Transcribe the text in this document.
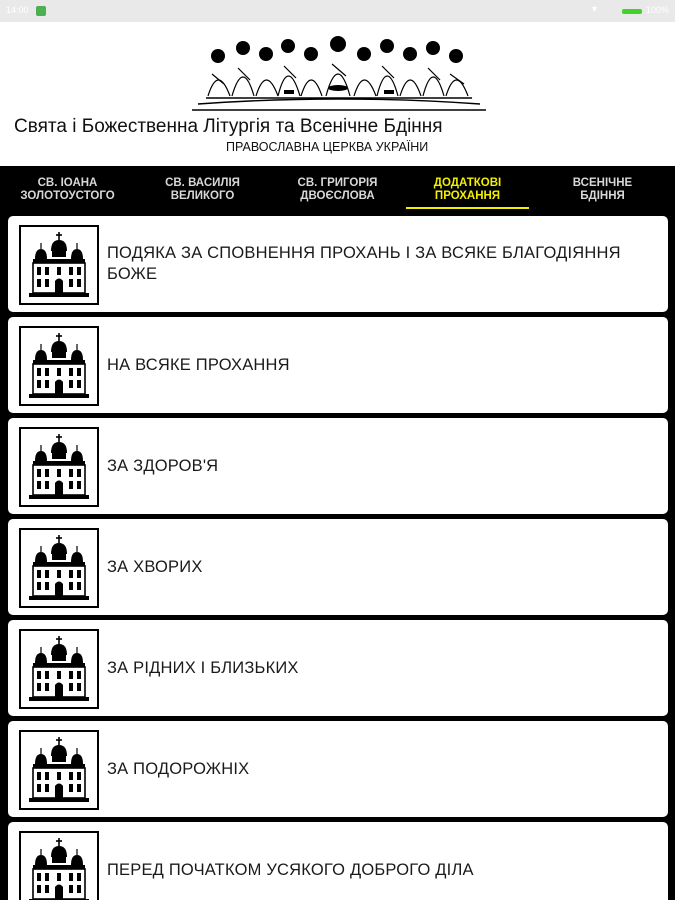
14:00	▾	100%
Свята і Божественна Літургія та Всенічне Бдіння
ПРАВОСЛАВНА ЦЕРКВА УКРАЇНИ
СВ. ІОАНА
ЗОЛОТОУСТОГО
СВ. ВАСИЛІЯ
ВЕЛИКОГО
СВ. ГРИГОРІЯ
ДВОЄСЛОВА
ДОДАТКОВІ
ПРОХАННЯ
ВСЕНІЧНЕ
БДІННЯ
ПОДЯКА ЗА СПОВНЕННЯ ПРОХАНЬ І ЗА ВСЯКЕ БЛАГОДІЯННЯ БОЖЕ
НА ВСЯКЕ ПРОХАННЯ
ЗА ЗДОРОВ'Я
ЗА ХВОРИХ
ЗА РІДНИХ І БЛИЗЬКИХ
ЗА ПОДОРОЖНІХ
ПЕРЕД ПОЧАТКОМ УСЯКОГО ДОБРОГО ДІЛА
